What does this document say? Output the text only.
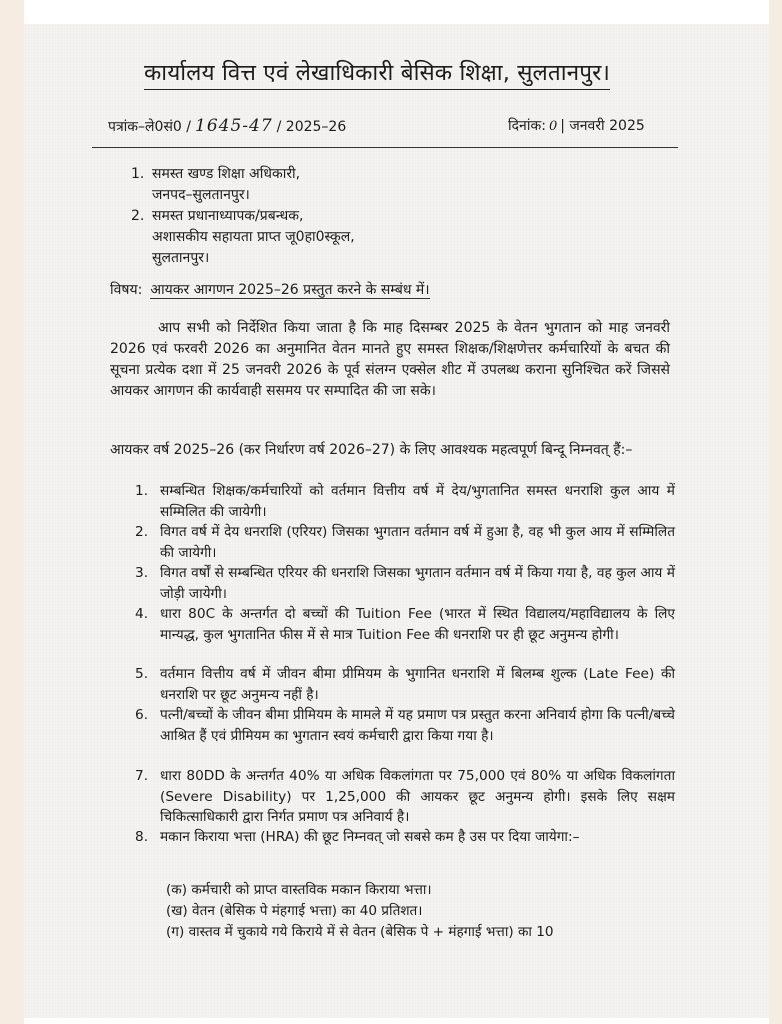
कार्यालय वित्त एवं लेखाधिकारी बेसिक शिक्षा, सुलतानपुर।
पत्रांक–ले0सं0 / 1645-47 / 2025–26	दिनांक: 0 | जनवरी 2025
1. समस्त खण्ड शिक्षा अधिकारी,
जनपद–सुलतानपुर।
2. समस्त प्रधानाध्यापक/प्रबन्धक,
अशासकीय सहायता प्राप्त जू0हा0स्कूल,
सुलतानपुर।
विषय: आयकर आगणन 2025–26 प्रस्तुत करने के सम्बंध में।
आप सभी को निर्देशित किया जाता है कि माह दिसम्बर 2025 के वेतन भुगतान को माह जनवरी 2026 एवं फरवरी 2026 का अनुमानित वेतन मानते हुए समस्त शिक्षक/शिक्षणेत्तर कर्मचारियों के बचत की सूचना प्रत्येक दशा में 25 जनवरी 2026 के पूर्व संलग्न एक्सेल शीट में उपलब्ध कराना सुनिश्चित करें जिससे आयकर आगणन की कार्यवाही ससमय पर सम्पादित की जा सके।
आयकर वर्ष 2025–26 (कर निर्धारण वर्ष 2026–27) के लिए आवश्यक महत्वपूर्ण बिन्दू निम्नवत् हैं:–
1. सम्बन्धित शिक्षक/कर्मचारियों को वर्तमान वित्तीय वर्ष में देय/भुगतानित समस्त धनराशि कुल आय में सम्मिलित की जायेगी।
2. विगत वर्ष में देय धनराशि (एरियर) जिसका भुगतान वर्तमान वर्ष में हुआ है, वह भी कुल आय में सम्मिलित की जायेगी।
3. विगत वर्षों से सम्बन्धित एरियर की धनराशि जिसका भुगतान वर्तमान वर्ष में किया गया है, वह कुल आय में जोड़ी जायेगी।
4. धारा 80C के अन्तर्गत दो बच्चों की Tuition Fee (भारत में स्थित विद्यालय/महाविद्यालय के लिए मान्यद्ध, कुल भुगतानित फीस में से मात्र Tuition Fee की धनराशि पर ही छूट अनुमन्य होगी।
5. वर्तमान वित्तीय वर्ष में जीवन बीमा प्रीमियम के भुगानित धनराशि में बिलम्ब शुल्क (Late Fee) की धनराशि पर छूट अनुमन्य नहीं है।
6. पत्नी/बच्चों के जीवन बीमा प्रीमियम के मामले में यह प्रमाण पत्र प्रस्तुत करना अनिवार्य होगा कि पत्नी/बच्चे आश्रित हैं एवं प्रीमियम का भुगतान स्वयं कर्मचारी द्वारा किया गया है।
7. धारा 80DD के अन्तर्गत 40% या अधिक विकलांगता पर 75,000 एवं 80% या अधिक विकलांगता (Severe Disability) पर 1,25,000 की आयकर छूट अनुमन्य होगी। इसके लिए सक्षम चिकित्साधिकारी द्वारा निर्गत प्रमाण पत्र अनिवार्य है।
8. मकान किराया भत्ता (HRA) की छूट निम्नवत् जो सबसे कम है उस पर दिया जायेगा:–
(क) कर्मचारी को प्राप्त वास्तविक मकान किराया भत्ता।
(ख) वेतन (बेसिक पे मंहगाई भत्ता) का 40 प्रतिशत।
(ग) वास्तव में चुकाये गये किराये में से वेतन (बेसिक पे + मंहगाई भत्ता) का 10
